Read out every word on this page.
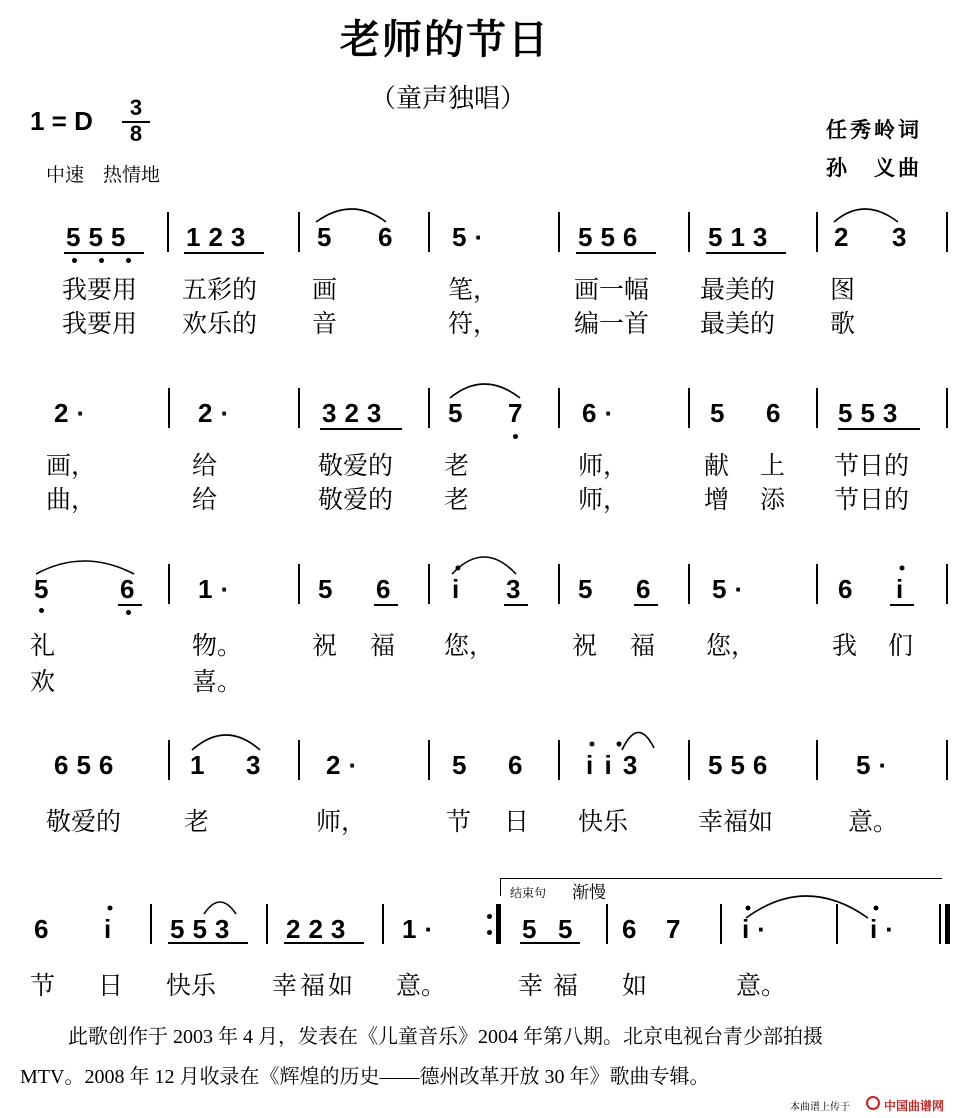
老师的节日
（童声独唱）
1 = D 3
8
中速　热情地
任秀岭词
孙　义曲
555 123 5 6 5·	556 513 2 3
我要用 五彩的 画	笔，	画一幅 最美的 图
我要用 欢乐的 音	符，	编一首 最美的 歌
2·	2·	323 5 7 6·	5 6 553
画，	给	敬爱的 老	师，	献 上 节日的
曲，	给	敬爱的 老	师，	增 添 节日的
5 6 1·	5 6 i 3 5 6 5·	6 i
礼	物。	祝 福 您，	祝 福 您，	我 们
欢	喜。
656	1 3 2·	5 6 i i 3	556	5·
敬爱的	老	师，	节 日 快乐	幸福如	意。
结束句 渐慢
6 i 553 223 1·	5 5 6 7 i·	i·
节 日 快乐 幸福如 意。	幸福 如	意。
此歌创作于 2003 年 4 月，发表在《儿童音乐》2004 年第八期。北京电视台青少部拍摄
MTV。2008 年 12 月收录在《辉煌的历史——德州改革开放 30 年》歌曲专辑。
本曲谱上传于	中国曲谱网
